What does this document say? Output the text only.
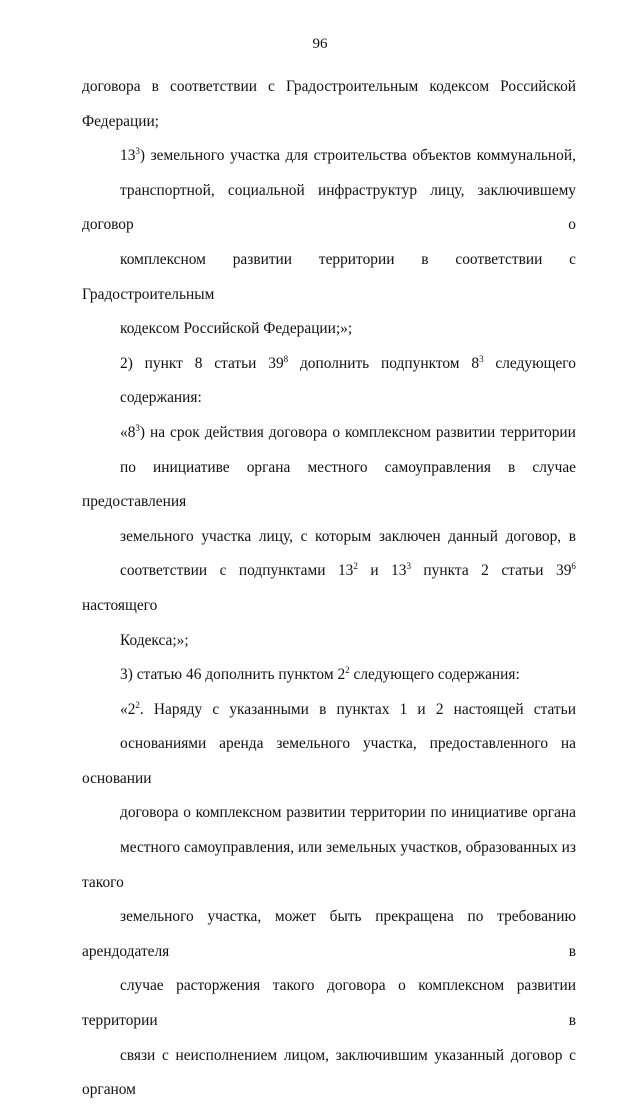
96

договора в соответствии с Градостроительным кодексом Российской
Федерации;

$13^3$) земельного участка для строительства объектов коммунальной,
транспортной, социальной инфраструктур лицу, заключившему договор о
комплексном развитии территории в соответствии с Градостроительным
кодексом Российской Федерации;»;

2) пункт 8 статьи $39^8$ дополнить подпунктом $8^3$ следующего
содержания:

«$8^3$) на срок действия договора о комплексном развитии территории
по инициативе органа местного самоуправления в случае предоставления
земельного участка лицу, с которым заключен данный договор, в
соответствии с подпунктами $13^2$ и $13^3$ пункта 2 статьи $39^6$ настоящего
Кодекса;»;

3) статью 46 дополнить пунктом $2^2$ следующего содержания:

«$2^2$. Наряду с указанными в пунктах 1 и 2 настоящей статьи
основаниями аренда земельного участка, предоставленного на основании
договора о комплексном развитии территории по инициативе органа
местного самоуправления, или земельных участков, образованных из такого
земельного участка, может быть прекращена по требованию арендодателя в
случае расторжения такого договора о комплексном развитии территории в
связи с неисполнением лицом, заключившим указанный договор с органом
